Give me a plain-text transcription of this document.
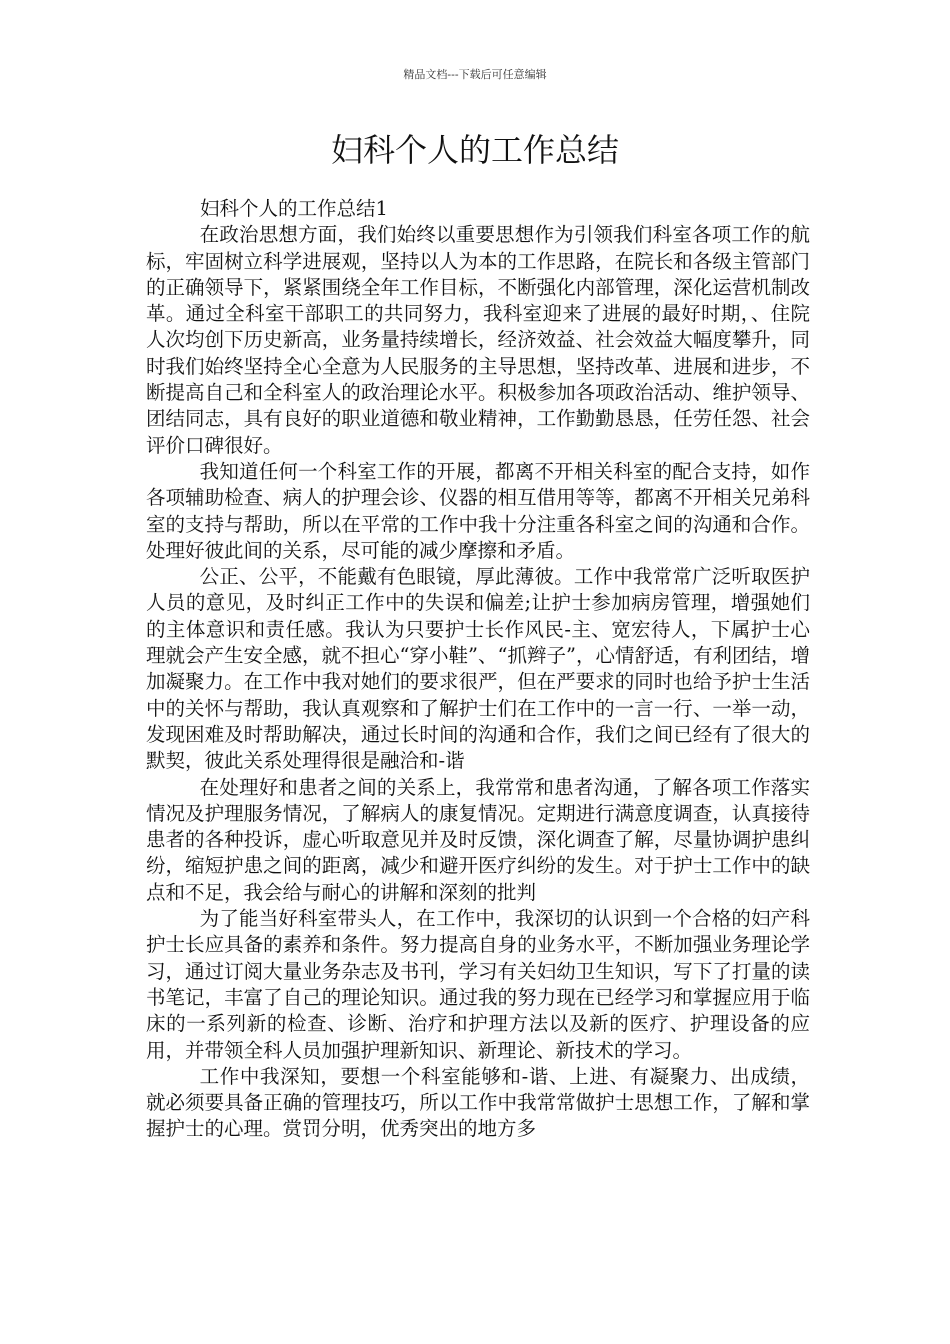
精品文档---下载后可任意编辑
妇科个人的工作总结

妇科个人的工作总结1

在政治思想方面，我们始终以重要思想作为引领我们科室各项工作的航标，牢固树立科学进展观，坚持以人为本的工作思路，在院长和各级主管部门的正确领导下，紧紧围绕全年工作目标，不断强化内部管理，深化运营机制改革。通过全科室干部职工的共同努力，我科室迎来了进展的最好时期，、住院人次均创下历史新高，业务量持续增长，经济效益、社会效益大幅度攀升，同时我们始终坚持全心全意为人民服务的主导思想，坚持改革、进展和进步，不断提高自己和全科室人的政治理论水平。积极参加各项政治活动、维护领导、团结同志，具有良好的职业道德和敬业精神，工作勤勤恳恳，任劳任怨、社会评价口碑很好。

我知道任何一个科室工作的开展，都离不开相关科室的配合支持，如作各项辅助检查、病人的护理会诊、仪器的相互借用等等，都离不开相关兄弟科室的支持与帮助，所以在平常的工作中我十分注重各科室之间的沟通和合作。处理好彼此间的关系，尽可能的减少摩擦和矛盾。

公正、公平，不能戴有色眼镜，厚此薄彼。工作中我常常广泛听取医护人员的意见，及时纠正工作中的失误和偏差;让护士参加病房管理，增强她们的主体意识和责任感。我认为只要护士长作风民-主、宽宏待人，下属护士心理就会产生安全感，就不担心“穿小鞋”、“抓辫子”，心情舒适，有利团结，增加凝聚力。在工作中我对她们的要求很严，但在严要求的同时也给予护士生活中的关怀与帮助，我认真观察和了解护士们在工作中的一言一行、一举一动，发现困难及时帮助解决，通过长时间的沟通和合作，我们之间已经有了很大的默契，彼此关系处理得很是融洽和-谐

在处理好和患者之间的关系上，我常常和患者沟通，了解各项工作落实情况及护理服务情况，了解病人的康复情况。定期进行满意度调查，认真接待患者的各种投诉，虚心听取意见并及时反馈，深化调查了解，尽量协调护患纠纷，缩短护患之间的距离，减少和避开医疗纠纷的发生。对于护士工作中的缺点和不足，我会给与耐心的讲解和深刻的批判

为了能当好科室带头人，在工作中，我深切的认识到一个合格的妇产科护士长应具备的素养和条件。努力提高自身的业务水平，不断加强业务理论学习，通过订阅大量业务杂志及书刊，学习有关妇幼卫生知识，写下了打量的读书笔记，丰富了自己的理论知识。通过我的努力现在已经学习和掌握应用于临床的一系列新的检查、诊断、治疗和护理方法以及新的医疗、护理设备的应用，并带领全科人员加强护理新知识、新理论、新技术的学习。

工作中我深知，要想一个科室能够和-谐、上进、有凝聚力、出成绩，就必须要具备正确的管理技巧，所以工作中我常常做护士思想工作，了解和掌握护士的心理。赏罚分明，优秀突出的地方多
